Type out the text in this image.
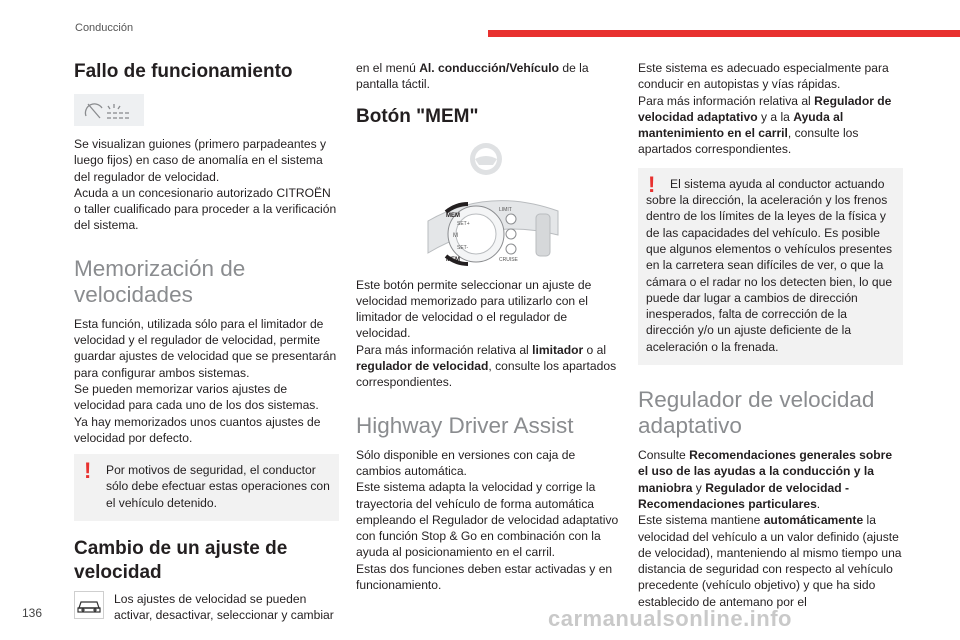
Conducción
Fallo de funcionamiento

Se visualizan guiones (primero parpadeantes y luego fijos) en caso de anomalía en el sistema del regulador de velocidad.

Acuda a un concesionario autorizado CITROËN o taller cualificado para proceder a la verificación del sistema.

Memorización de velocidades

Esta función, utilizada sólo para el limitador de velocidad y el regulador de velocidad, permite guardar ajustes de velocidad que se presentarán para configurar ambos sistemas.

Se pueden memorizar varios ajustes de velocidad para cada uno de los dos sistemas.

Ya hay memorizados unos cuantos ajustes de velocidad por defecto.

!	Por motivos de seguridad, el conductor sólo debe efectuar estas operaciones con el vehículo detenido.
Cambio de un ajuste de velocidad

Los ajustes de velocidad se pueden activar, desactivar, seleccionar y cambiar

en el menú Al. conducción/Vehículo de la pantalla táctil.

Botón "MEM"
MEM
MEM
SET+
SET-
M
LIMIT
CRUISE

Este botón permite seleccionar un ajuste de velocidad memorizado para utilizarlo con el limitador de velocidad o el regulador de velocidad.

Para más información relativa al limitador o al regulador de velocidad, consulte los apartados correspondientes.

Highway Driver Assist

Sólo disponible en versiones con caja de cambios automática.

Este sistema adapta la velocidad y corrige la trayectoria del vehículo de forma automática empleando el Regulador de velocidad adaptativo con función Stop & Go en combinación con la ayuda al posicionamiento en el carril.

Estas dos funciones deben estar activadas y en funcionamiento.

Este sistema es adecuado especialmente para conducir en autopistas y vías rápidas.

Para más información relativa al Regulador de velocidad adaptativo y a la Ayuda al mantenimiento en el carril, consulte los apartados correspondientes.

!	El sistema ayuda al conductor actuando sobre la dirección, la aceleración y los frenos dentro de los límites de la leyes de la física y de las capacidades del vehículo. Es posible que algunos elementos o vehículos presentes en la carretera sean difíciles de ver, o que la cámara o el radar no los detecten bien, lo que puede dar lugar a cambios de dirección inesperados, falta de corrección de la dirección y/o un ajuste deficiente de la aceleración o la frenada.
Regulador de velocidad adaptativo

Consulte Recomendaciones generales sobre el uso de las ayudas a la conducción y la maniobra y Regulador de velocidad - Recomendaciones particulares.

Este sistema mantiene automáticamente la velocidad del vehículo a un valor definido (ajuste de velocidad), manteniendo al mismo tiempo una distancia de seguridad con respecto al vehículo precedente (vehículo objetivo) y que ha sido establecido de antemano por el

136	carmanualsonline.info
